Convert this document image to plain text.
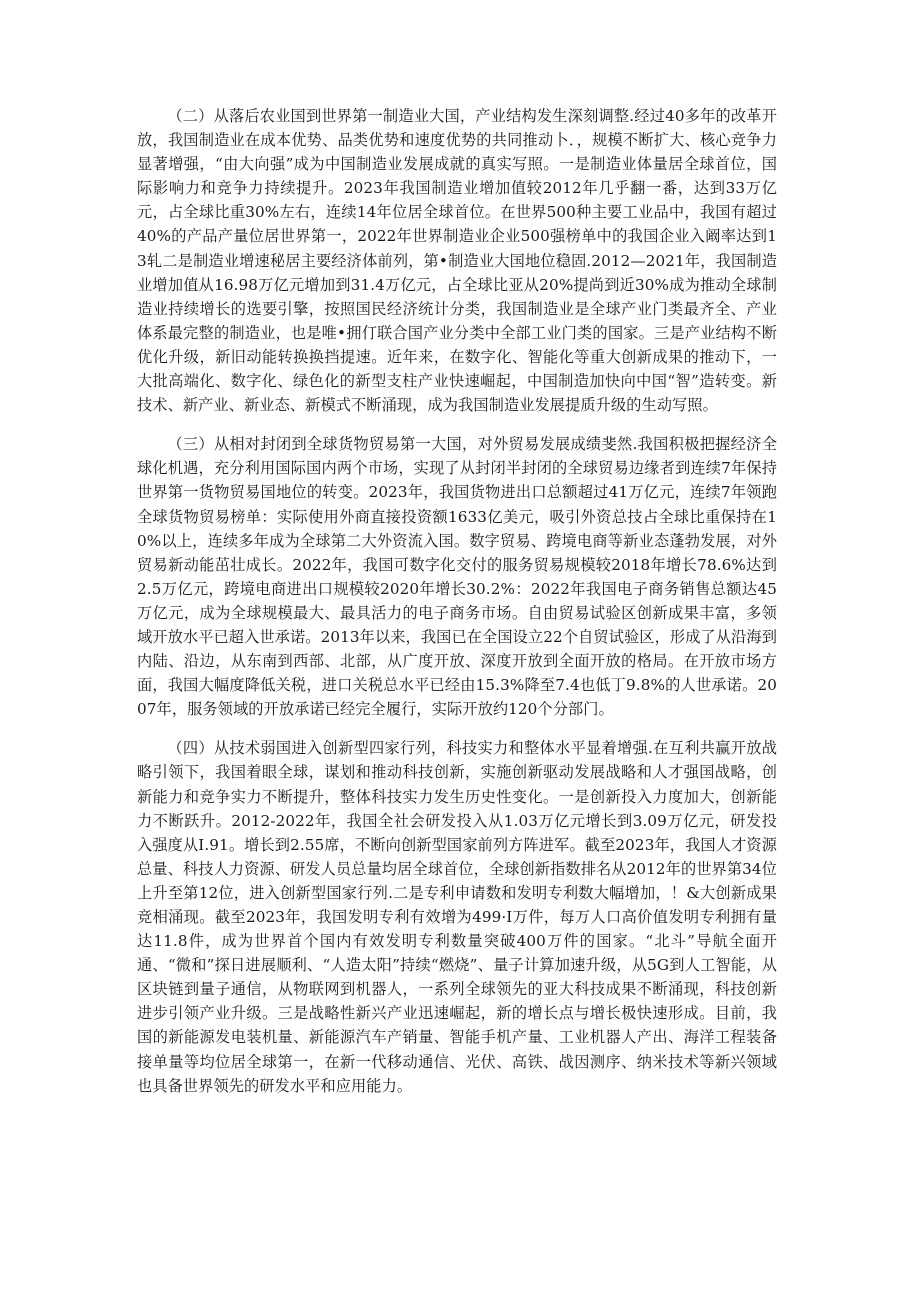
（二）从落后农业国到世界第一制造业大国，产业结构发生深刻调整.经过40多年的改革开放，我国制造业在成本优势、品类优势和速度优势的共同推动卜．，规模不断扩大、核心竞争力显著增强，“由大向强”成为中国制造业发展成就的真实写照。一是制造业体量居全球首位，国际影响力和竞争力持续提升。2023年我国制造业增加值较2012年几乎翻一番，达到33万亿元，占全球比重30%左右，连续14年位居全球首位。在世界500种主要工业品中，我国有超过40%的产品产量位居世界第一，2022年世界制造业企业500强榜单中的我国企业入阚率达到13轧二是制造业增速秘居主要经济体前列，第•制造业大国地位稳固.2012—2021年，我国制造业增加值从16.98万亿元增加到31.4万亿元，占全球比亚从20%提尚到近30%成为推动全球制造业持续增长的选要引擎，按照国民经济统计分类，我国制造业是全球产业门类最齐全、产业体系最完整的制造业，也是唯•拥仃联合国产业分类中全部工业门类的国家。三是产业结构不断优化升级，新旧动能转换换挡提速。近年来，在数字化、智能化等重大创新成果的推动下，一大批高端化、数字化、绿色化的新型支柱产业快速崛起，中国制造加快向中国“智”造转变。新技术、新产业、新业态、新模式不断涌现，成为我国制造业发展提质升级的生动写照。

（三）从相对封闭到全球货物贸易第一大国，对外贸易发展成绩斐然.我国积极把握经济全球化机遇，充分利用国际国内两个市场，实现了从封闭半封闭的全球贸易边缘者到连续7年保持世界第一货物贸易国地位的转变。2023年，我国货物进出口总额超过41万亿元，连续7年领跑全球货物贸易榜单：实际使用外商直接投资额1633亿美元，吸引外资总技占全球比重保持在10%以上，连续多年成为全球第二大外资流入国。数字贸易、跨境电商等新业态蓬勃发展，对外贸易新动能茁壮成长。2022年，我国可数字化交付的服务贸易规模较2018年增长78.6%达到2.5万亿元，跨境电商进出口规模较2020年增长30.2%：2022年我国电子商务销售总额达45万亿元，成为全球规模最大、最具活力的电子商务市场。自由贸易试验区创新成果丰富，多领域开放水平已超入世承诺。2013年以来，我国已在全国设立22个自贸试验区，形成了从沿海到内陆、沿边，从东南到西部、北部，从广度开放、深度开放到全面开放的格局。在开放市场方面，我国大幅度降低关税，进口关税总水平已经由15.3%降至7.4也低丁9.8%的人世承诺。2007年，服务领域的开放承诺已经完全履行，实际开放约120个分部门。

（四）从技术弱国进入创新型四家行列，科技实力和整体水平显着增强.在互利共赢开放战略引领下，我国着眼全球，谋划和推动科技创新，实施创新驱动发展战略和人才强国战略，创新能力和竞争实力不断提升，整体科技实力发生历史性变化。一是创新投入力度加大，创新能力不断跃升。2012-2022年，我国全社会研发投入从1.03万亿元增长到3.09万亿元，研发投入强度从I.91。增长到2.55席，不断向创新型国家前列方阵进军。截至2023年，我国人才资源总量、科技人力资源、研发人员总量均居全球首位，全球创新指数排名从2012年的世界第34位上升至第12位，进入创新型国家行列.二是专利申请数和发明专利数大幅增加，！&大创新成果竞相涌现。截至2023年，我国发明专利有效增为499·I万件，每万人口高价值发明专利拥有量达11.8件，成为世界首个国内有效发明专利数量突破400万件的国家。“北斗”导航全面开通、“微和”探日进展顺利、“人造太阳”持续“燃烧”、量子计算加速升级，从5G到人工智能，从区块链到量子通信，从物联网到机器人，一系列全球领先的亚大科技成果不断涌现，科技创新进步引领产业升级。三是战略性新兴产业迅速崛起，新的增长点与增长极快速形成。目前，我国的新能源发电装机量、新能源汽车产销量、智能手机产量、工业机器人产出、海洋工程装备接单量等均位居全球第一，在新一代移动通信、光伏、高铁、战因测序、纳米技术等新兴领域也具备世界领先的研发水平和应用能力。
